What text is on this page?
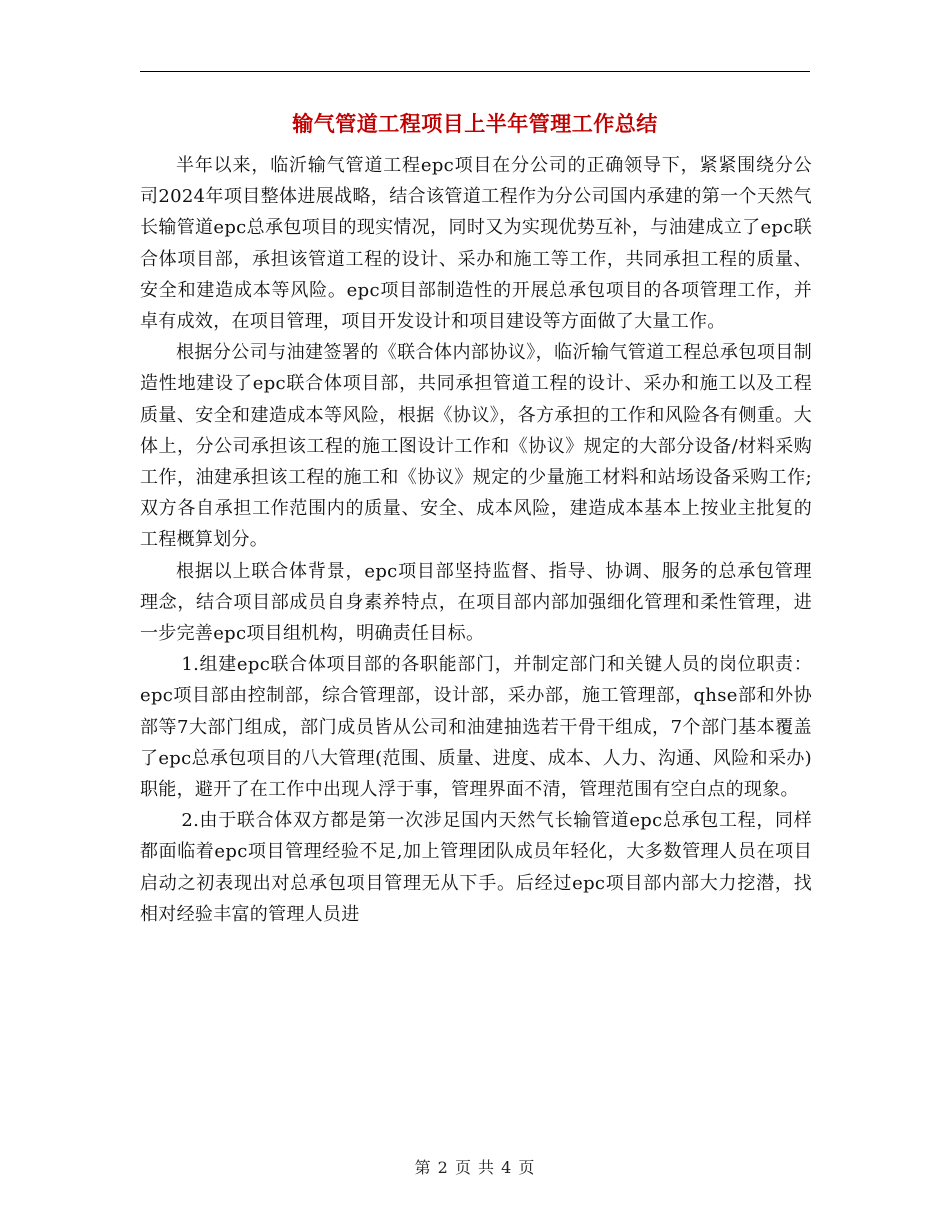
输气管道工程项目上半年管理工作总结

半年以来，临沂输气管道工程epc项目在分公司的正确领导下，紧紧围绕分公司2024年项目整体进展战略，结合该管道工程作为分公司国内承建的第一个天然气长输管道epc总承包项目的现实情况，同时又为实现优势互补，与油建成立了epc联合体项目部，承担该管道工程的设计、采办和施工等工作，共同承担工程的质量、安全和建造成本等风险。epc项目部制造性的开展总承包项目的各项管理工作，并卓有成效，在项目管理，项目开发设计和项目建设等方面做了大量工作。

根据分公司与油建签署的《联合体内部协议》，临沂输气管道工程总承包项目制造性地建设了epc联合体项目部，共同承担管道工程的设计、采办和施工以及工程质量、安全和建造成本等风险，根据《协议》，各方承担的工作和风险各有侧重。大体上，分公司承担该工程的施工图设计工作和《协议》规定的大部分设备/材料采购工作，油建承担该工程的施工和《协议》规定的少量施工材料和站场设备采购工作;双方各自承担工作范围内的质量、安全、成本风险，建造成本基本上按业主批复的工程概算划分。

根据以上联合体背景，epc项目部坚持监督、指导、协调、服务的总承包管理理念，结合项目部成员自身素养特点，在项目部内部加强细化管理和柔性管理，进一步完善epc项目组机构，明确责任目标。

1.组建epc联合体项目部的各职能部门，并制定部门和关键人员的岗位职责：epc项目部由控制部，综合管理部，设计部，采办部，施工管理部，qhse部和外协部等7大部门组成，部门成员皆从公司和油建抽选若干骨干组成，7个部门基本覆盖了epc总承包项目的八大管理(范围、质量、进度、成本、人力、沟通、风险和采办)职能，避开了在工作中出现人浮于事，管理界面不清，管理范围有空白点的现象。

2.由于联合体双方都是第一次涉足国内天然气长输管道epc总承包工程，同样都面临着epc项目管理经验不足,加上管理团队成员年轻化，大多数管理人员在项目启动之初表现出对总承包项目管理无从下手。后经过epc项目部内部大力挖潜，找相对经验丰富的管理人员进

第 2 页 共 4 页
